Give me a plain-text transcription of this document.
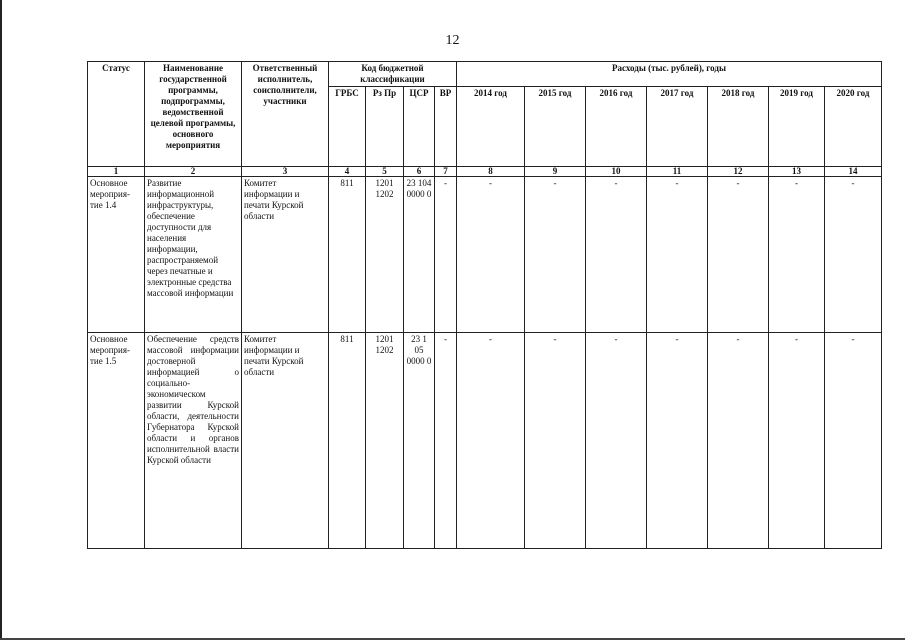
12
Статус	Наименование государственной программы, подпрограммы, ведомственной целевой программы, основного мероприятия	Ответственный исполнитель, соисполнители, участники	Код бюджетной классификации				Расходы (тыс. рублей), годы						
			ГРБС	Рз Пр	ЦСР	ВР	2014 год	2015 год	2016 год	2017 год	2018 год	2019 год	2020 год
1	2	3	4	5	6	7	8	9	10	11	12	13	14
Основное мероприя-тие 1.4	Развитие информационной инфраструктуры, обеспечение доступности для населения информации, распространяемой через печатные и электронные средства массовой информации	Комитет информации и печати Курской области	811	1201 1202	23 104 0000 0	-	-	-	-	-	-	-	-
Основное мероприя-тие 1.5	Обеспечение средств массовой информации достоверной информацией о социально-экономическом развитии Курской области, деятельности Губернатора Курской области и органов исполнительной власти Курской области	Комитет информации и печати Курской области	811	1201 1202	23 1 05 0000 0	-	-	-	-	-	-	-	-
